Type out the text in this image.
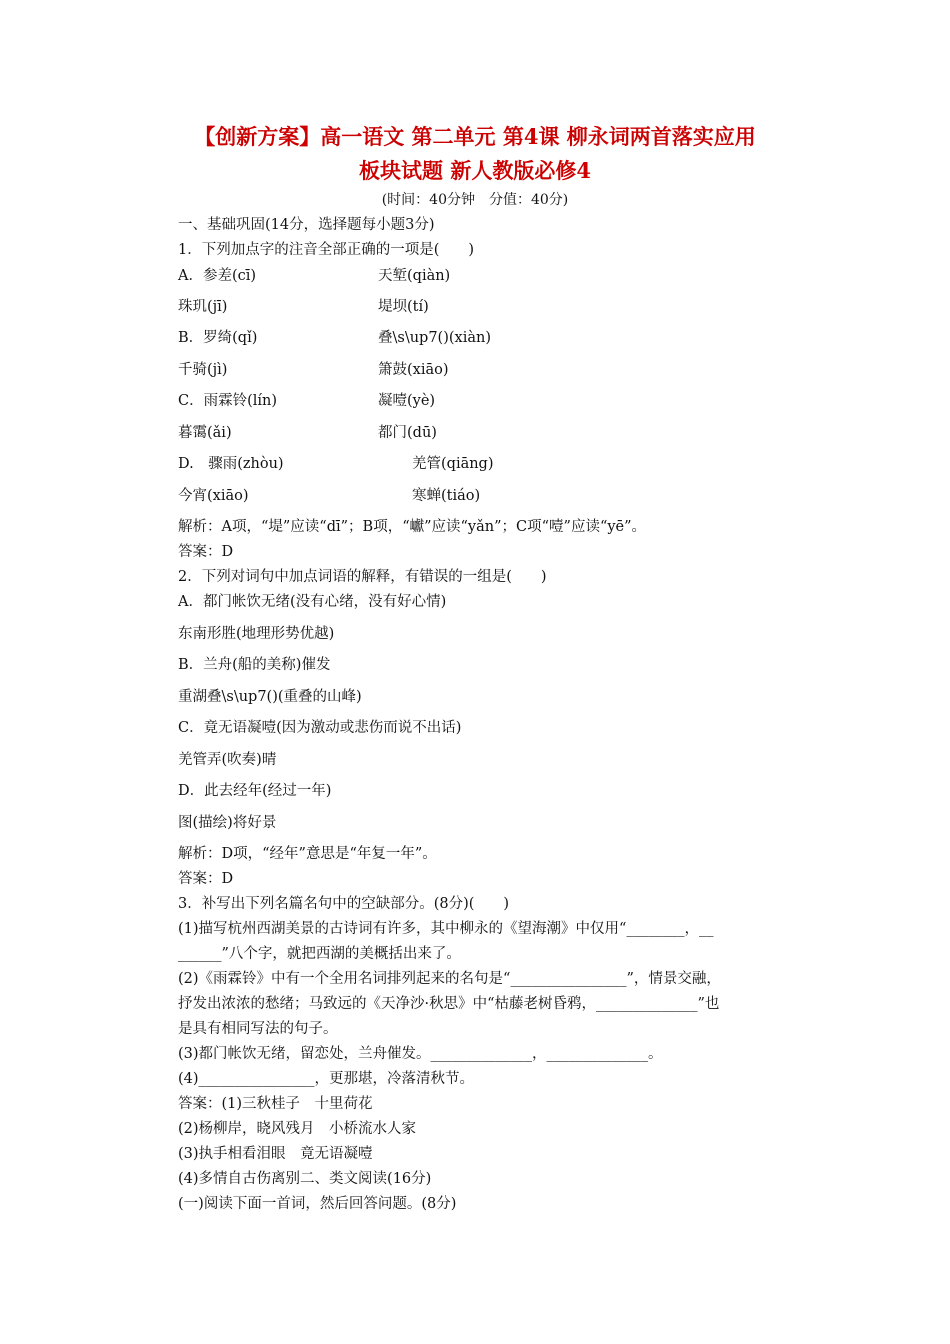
【创新方案】高一语文 第二单元 第4课 柳永词两首落实应用
板块试题 新人教版必修4
(时间：40分钟　分值：40分)
一、基础巩固(14分，选择题每小题3分)
1．下列加点字的注音全部正确的一项是(　　)
A．参差(cī)	天堑(qiàn)
珠玑(jī)	堤坝(tí)
B．罗绮(qǐ)	叠\s\up7()(xiàn)
千骑(jì)	箫鼓(xiāo)
C．雨霖铃(lín)	凝噎(yè)
暮霭(ǎi)	都门(dū)
D.　骤雨(zhòu)	羌管(qiāng)
今宵(xiāo)	寒蝉(tiáo)
解析：A项，“堤”应读“dī”；B项，“巘”应读“yǎn”；C项“噎”应读“yē”。
答案：D
2．下列对词句中加点词语的解释，有错误的一组是(　　)
A．都门帐饮无绪(没有心绪，没有好心情)
东南形胜(地理形势优越)
B．兰舟(船的美称)催发
重湖叠\s\up7()(重叠的山峰)
C．竟无语凝噎(因为激动或悲伤而说不出话)
羌管弄(吹奏)晴
D．此去经年(经过一年)
图(描绘)将好景
解析：D项，“经年”意思是“年复一年”。
答案：D
3．补写出下列名篇名句中的空缺部分。(8分)(　　)
(1)描写杭州西湖美景的古诗词有许多，其中柳永的《望海潮》中仅用“________，__
______”八个字，就把西湖的美概括出来了。
(2)《雨霖铃》中有一个全用名词排列起来的名句是“________________”，情景交融，
抒发出浓浓的愁绪；马致远的《天净沙·秋思》中“枯藤老树昏鸦，______________”也
是具有相同写法的句子。
(3)都门帐饮无绪，留恋处，兰舟催发。______________，______________。
(4)________________，更那堪，冷落清秋节。
答案：(1)三秋桂子　十里荷花
(2)杨柳岸，晓风残月　小桥流水人家
(3)执手相看泪眼　竟无语凝噎
(4)多情自古伤离别二、类文阅读(16分)
(一)阅读下面一首词，然后回答问题。(8分)
